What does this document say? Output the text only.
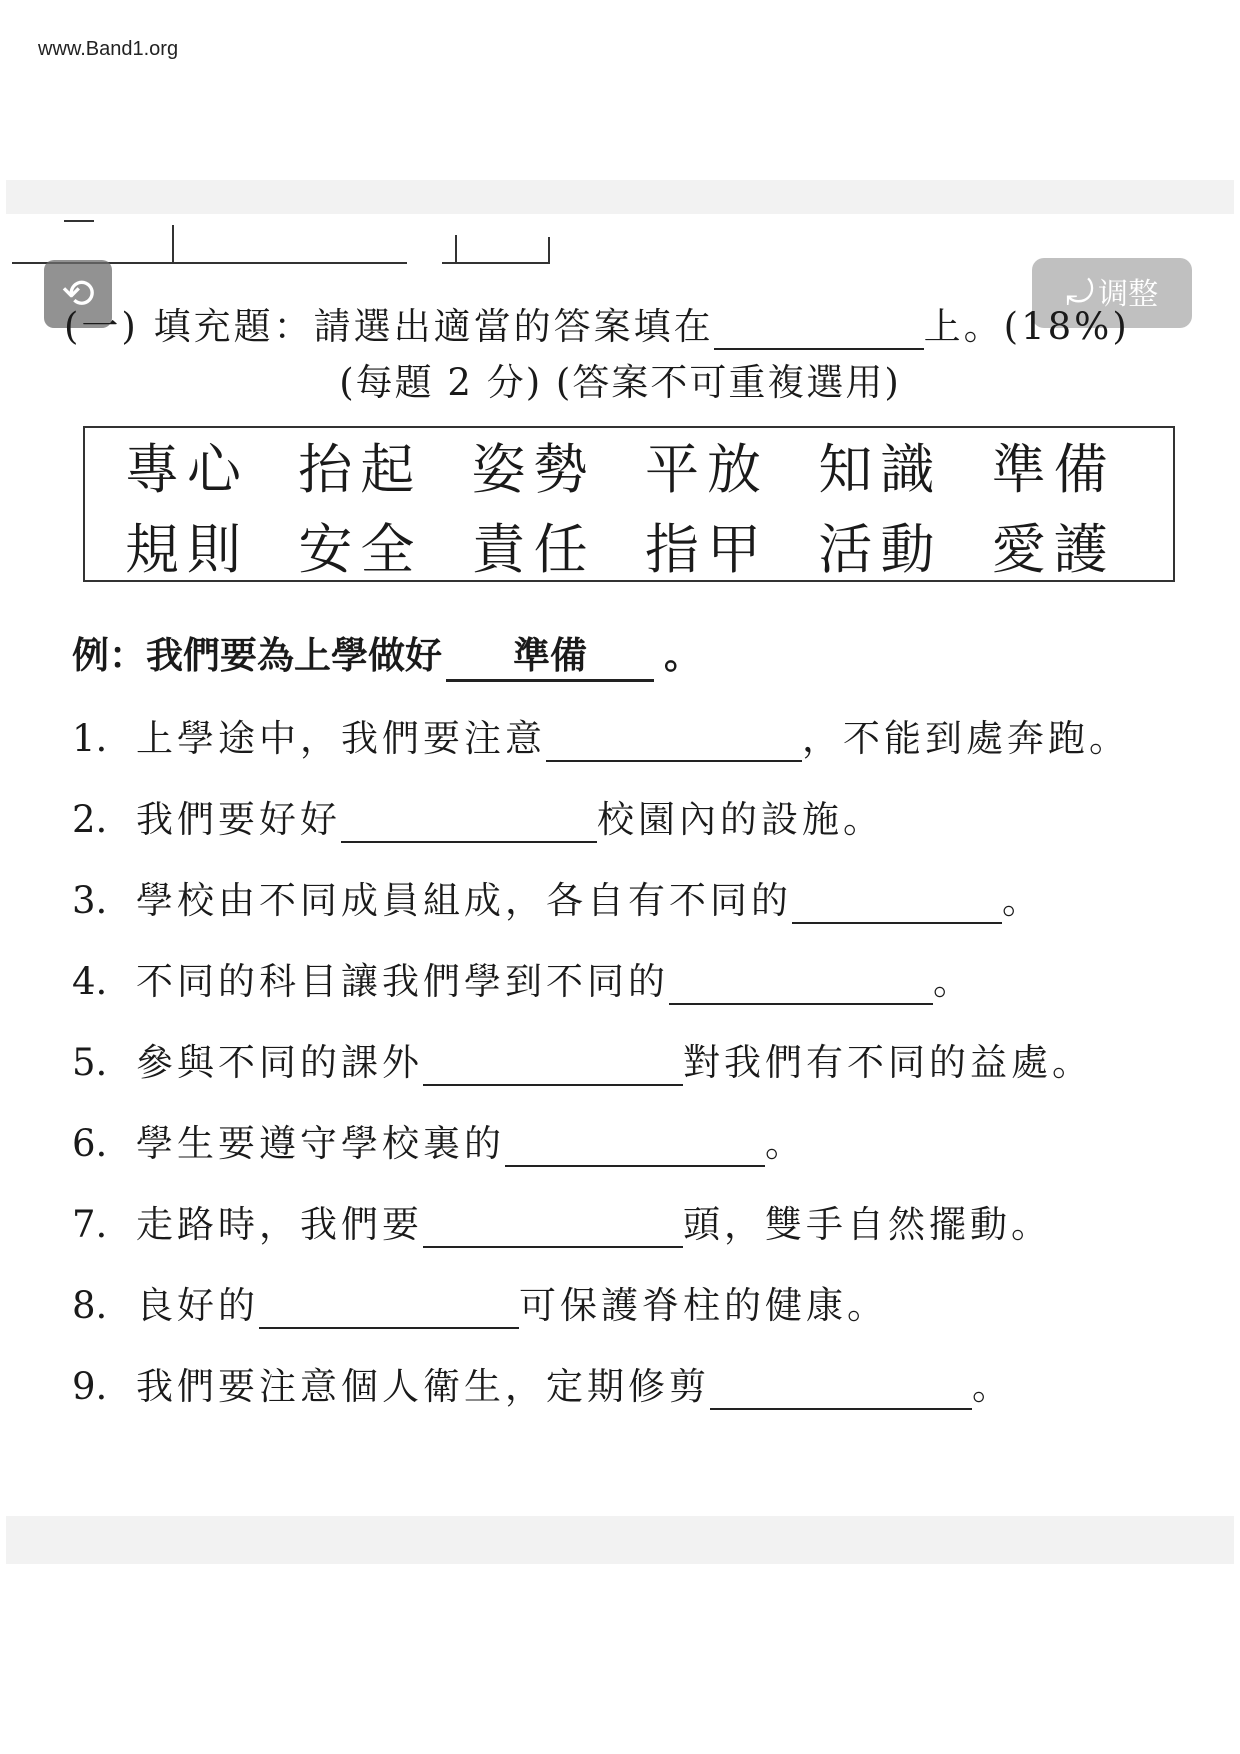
www.Band1.org
⟲	⤾ 调整
(一) 填充題：請選出適當的答案填在	上。(18%)
(每題 2 分) (答案不可重複選用)
專心 抬起 姿勢 平放 知識 準備
規則 安全 責任 指甲 活動 愛護
例：我們要為上學做好 準備 。
1. 上學途中，我們要注意	，不能到處奔跑。
2. 我們要好好	校園內的設施。
3. 學校由不同成員組成，各自有不同的	。
4. 不同的科目讓我們學到不同的	。
5. 參與不同的課外	對我們有不同的益處。
6. 學生要遵守學校裏的	。
7. 走路時，我們要	頭，雙手自然擺動。
8. 良好的	可保護脊柱的健康。
9. 我們要注意個人衛生，定期修剪	。
